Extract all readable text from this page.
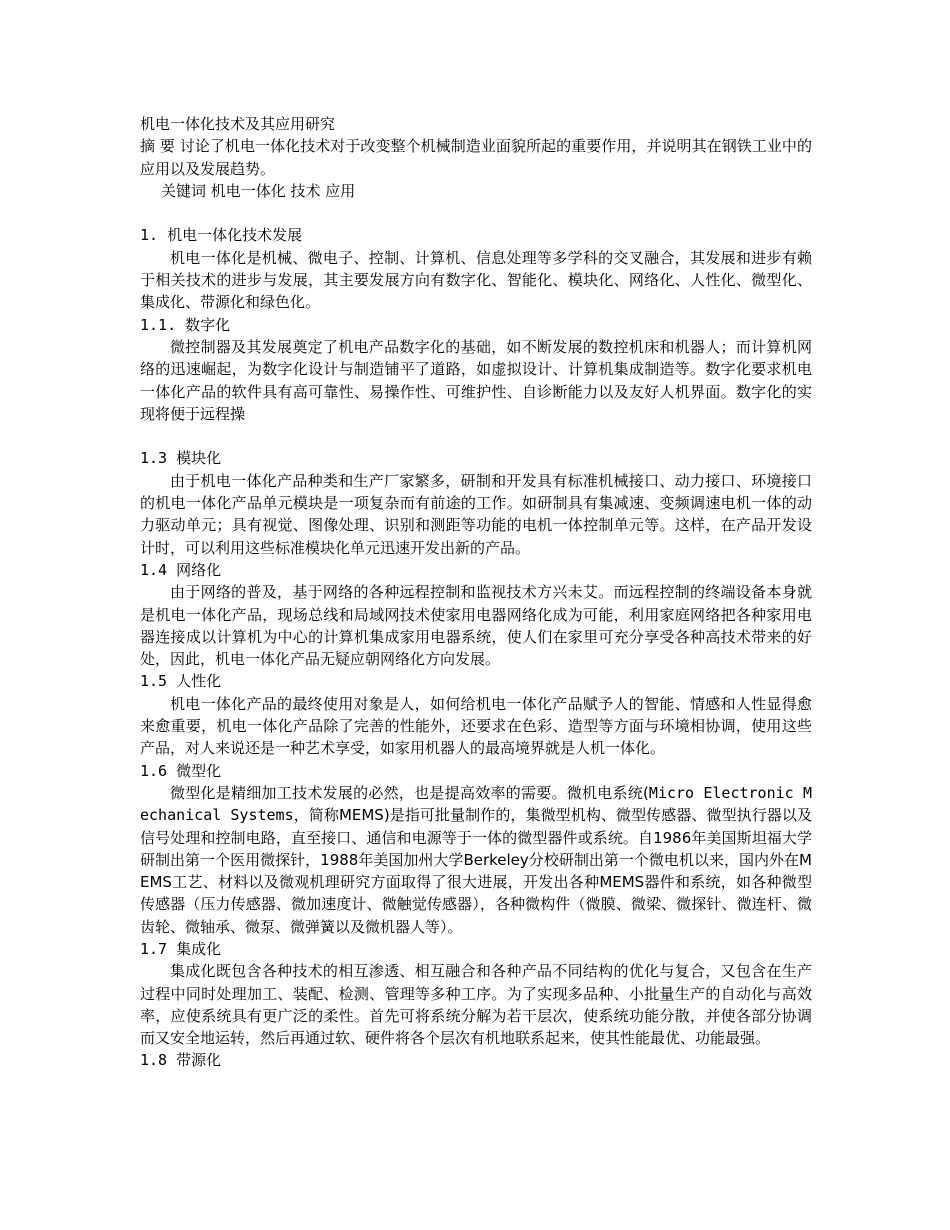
机电一体化技术及其应用研究

摘 要 讨论了机电一体化技术对于改变整个机械制造业面貌所起的重要作用，并说明其在钢铁工业中的应用以及发展趋势。

关键词 机电一体化 技术 应用

1. 机电一体化技术发展

机电一体化是机械、微电子、控制、计算机、信息处理等多学科的交叉融合，其发展和进步有赖于相关技术的进步与发展，其主要发展方向有数字化、智能化、模块化、网络化、人性化、微型化、集成化、带源化和绿色化。

1.1. 数字化

微控制器及其发展奠定了机电产品数字化的基础，如不断发展的数控机床和机器人；而计算机网络的迅速崛起，为数字化设计与制造铺平了道路，如虚拟设计、计算机集成制造等。数字化要求机电一体化产品的软件具有高可靠性、易操作性、可维护性、自诊断能力以及友好人机界面。数字化的实现将便于远程操

1.3 模块化

由于机电一体化产品种类和生产厂家繁多，研制和开发具有标准机械接口、动力接口、环境接口的机电一体化产品单元模块是一项复杂而有前途的工作。如研制具有集减速、变频调速电机一体的动力驱动单元；具有视觉、图像处理、识别和测距等功能的电机一体控制单元等。这样，在产品开发设计时，可以利用这些标准模块化单元迅速开发出新的产品。

1.4 网络化

由于网络的普及，基于网络的各种远程控制和监视技术方兴未艾。而远程控制的终端设备本身就是机电一体化产品，现场总线和局域网技术使家用电器网络化成为可能，利用家庭网络把各种家用电器连接成以计算机为中心的计算机集成家用电器系统，使人们在家里可充分享受各种高技术带来的好处，因此，机电一体化产品无疑应朝网络化方向发展。

1.5 人性化

机电一体化产品的最终使用对象是人，如何给机电一体化产品赋予人的智能、情感和人性显得愈来愈重要，机电一体化产品除了完善的性能外，还要求在色彩、造型等方面与环境相协调，使用这些产品，对人来说还是一种艺术享受，如家用机器人的最高境界就是人机一体化。

1.6 微型化

微型化是精细加工技术发展的必然，也是提高效率的需要。微机电系统(Micro Electronic Mechanical Systems，简称MEMS)是指可批量制作的，集微型机构、微型传感器、微型执行器以及信号处理和控制电路，直至接口、通信和电源等于一体的微型器件或系统。自1986年美国斯坦福大学研制出第一个医用微探针，1988年美国加州大学Berkeley分校研制出第一个微电机以来，国内外在MEMS工艺、材料以及微观机理研究方面取得了很大进展，开发出各种MEMS器件和系统，如各种微型传感器（压力传感器、微加速度计、微触觉传感器），各种微构件（微膜、微梁、微探针、微连杆、微齿轮、微轴承、微泵、微弹簧以及微机器人等）。

1.7 集成化

集成化既包含各种技术的相互渗透、相互融合和各种产品不同结构的优化与复合，又包含在生产过程中同时处理加工、装配、检测、管理等多种工序。为了实现多品种、小批量生产的自动化与高效率，应使系统具有更广泛的柔性。首先可将系统分解为若干层次，使系统功能分散，并使各部分协调而又安全地运转，然后再通过软、硬件将各个层次有机地联系起来，使其性能最优、功能最强。

1.8 带源化
